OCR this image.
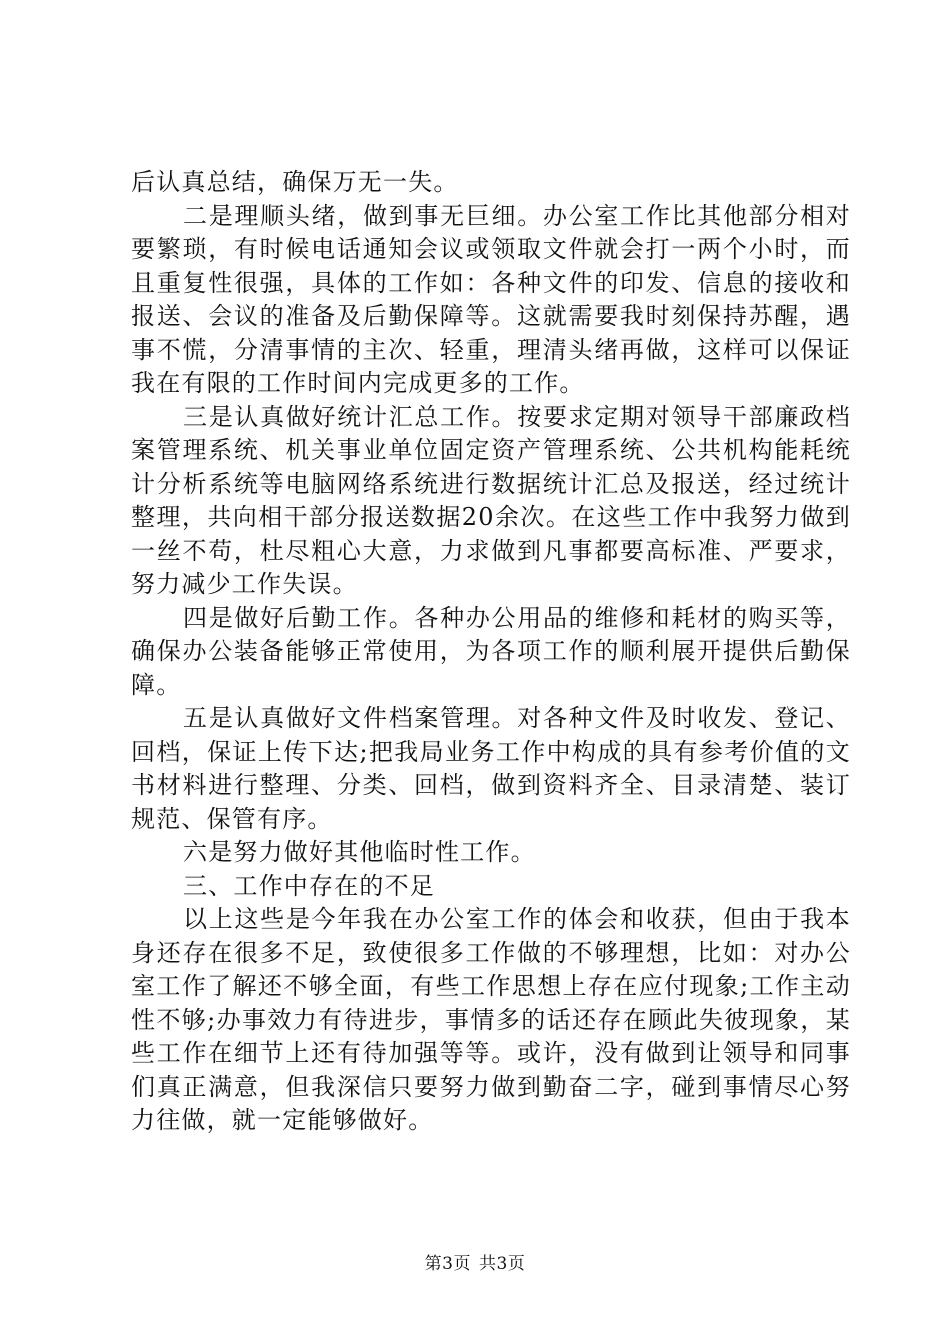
后认真总结，确保万无一失。

二是理顺头绪，做到事无巨细。办公室工作比其他部分相对要繁琐，有时候电话通知会议或领取文件就会打一两个小时，而且重复性很强，具体的工作如：各种文件的印发、信息的接收和报送、会议的准备及后勤保障等。这就需要我时刻保持苏醒，遇事不慌，分清事情的主次、轻重，理清头绪再做，这样可以保证我在有限的工作时间内完成更多的工作。

三是认真做好统计汇总工作。按要求定期对领导干部廉政档案管理系统、机关事业单位固定资产管理系统、公共机构能耗统计分析系统等电脑网络系统进行数据统计汇总及报送，经过统计整理，共向相干部分报送数据20余次。在这些工作中我努力做到一丝不苟，杜尽粗心大意，力求做到凡事都要高标准、严要求，努力减少工作失误。

四是做好后勤工作。各种办公用品的维修和耗材的购买等，确保办公装备能够正常使用，为各项工作的顺利展开提供后勤保障。

五是认真做好文件档案管理。对各种文件及时收发、登记、回档，保证上传下达;把我局业务工作中构成的具有参考价值的文书材料进行整理、分类、回档，做到资料齐全、目录清楚、装订规范、保管有序。

六是努力做好其他临时性工作。

三、工作中存在的不足

以上这些是今年我在办公室工作的体会和收获，但由于我本身还存在很多不足，致使很多工作做的不够理想，比如：对办公室工作了解还不够全面，有些工作思想上存在应付现象;工作主动性不够;办事效力有待进步，事情多的话还存在顾此失彼现象，某些工作在细节上还有待加强等等。或许，没有做到让领导和同事们真正满意，但我深信只要努力做到勤奋二字，碰到事情尽心努力往做，就一定能够做好。

第3页 共3页
